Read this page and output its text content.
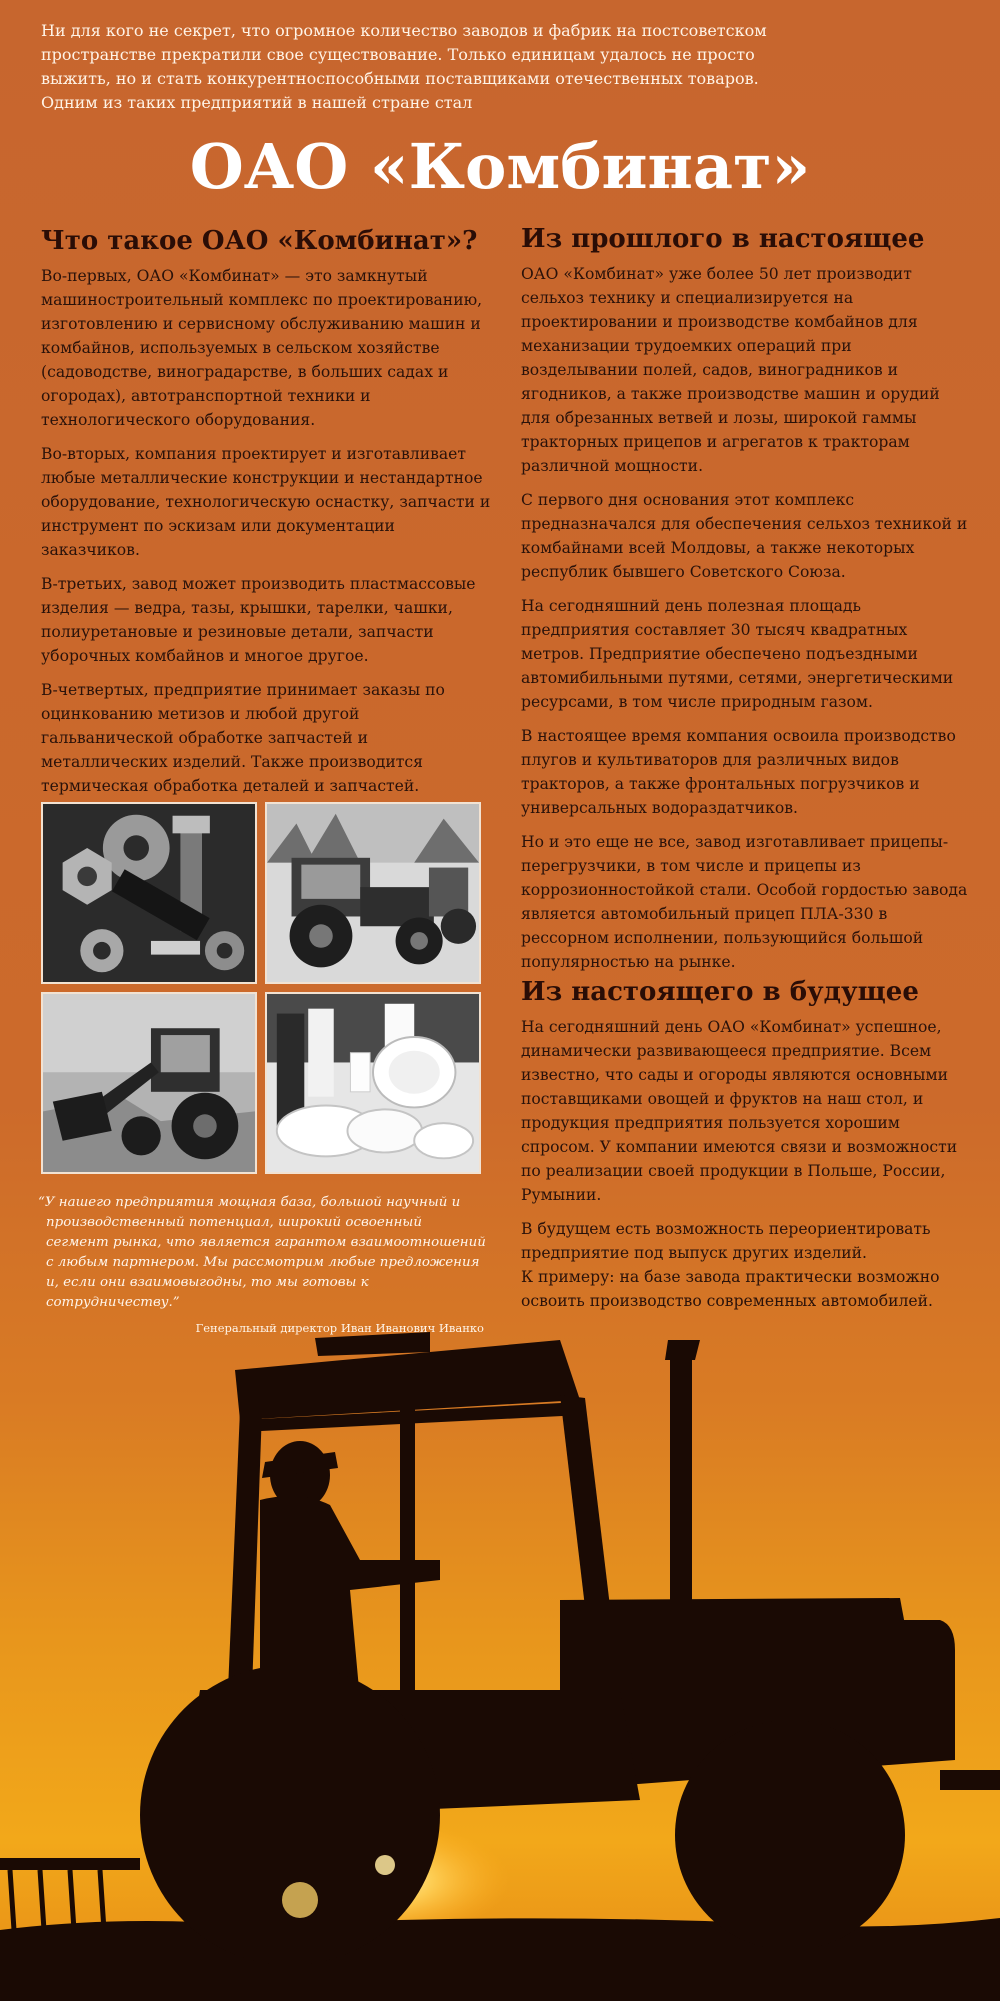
Ни для кого не секрет, что огромное количество заводов и фабрик на постсоветском пространстве прекратили свое существование. Только единицам удалось не просто выжить, но и стать конкурентноспособными поставщиками отечественных товаров. Одним из таких предприятий в нашей стране стал

ОАО «Комбинат»
Что такое ОАО «Комбинат»?

Во-первых, ОАО «Комбинат» — это замкнутый машиностроительный комплекс по проектированию, изготовлению и сервисному обслуживанию машин и комбайнов, используемых в сельском хозяйстве (садоводстве, виноградарстве, в больших садах и огородах), автотранспортной техники и технологического оборудования.

Во-вторых, компания проектирует и изготавливает любые металлические конструкции и нестандартное оборудование, технологическую оснастку, запчасти и инструмент по эскизам или документации заказчиков.

В-третьих, завод может производить пластмассовые изделия — ведра, тазы, крышки, тарелки, чашки, полиуретановые и резиновые детали, запчасти уборочных комбайнов и многое другое.

В-четвертых, предприятие принимает заказы по оцинкованию метизов и любой другой гальванической обработке запчастей и металлических изделий. Также производится термическая обработка деталей и запчастей.

Из прошлого в настоящее

ОАО «Комбинат» уже более 50 лет производит сельхоз технику и специализируется на проектировании и производстве комбайнов для механизации трудоемких операций при возделывании полей, садов, виноградников и ягодников, а также производстве машин и орудий для обрезанных ветвей и лозы, широкой гаммы тракторных прицепов и агрегатов к тракторам различной мощности.

С первого дня основания этот комплекс предназначался для обеспечения сельхоз техникой и комбайнами всей Молдовы, а также некоторых республик бывшего Советского Союза.

На сегодняшний день полезная площадь предприятия составляет 30 тысяч квадратных метров. Предприятие обеспечено подъездными автомибильными путями, сетями, энергетическими ресурсами, в том числе природным газом.

В настоящее время компания освоила производство плугов и культиваторов для различных видов тракторов, а также фронтальных погрузчиков и универсальных водораздатчиков.

Но и это еще не все, завод изготавливает прицепы-перегрузчики, в том числе и прицепы из коррозионностойкой стали. Особой гордостью завода является автомобильный прицеп ПЛА-330 в рессорном исполнении, пользующийся большой популярностью на рынке.

“У нашего предприятия мощная база, большой научный и производственный потенциал, широкий освоенный сегмент рынка, что является гарантом взаимоотношений с любым партнером. Мы рассмотрим любые предложения и, если они взаимовыгодны, то мы готовы к сотрудничеству.”

Генеральный директор Иван Иванович Иванко

Из настоящего в будущее

На сегодняшний день ОАО «Комбинат» успешное, динамически развивающееся предприятие. Всем известно, что сады и огороды являются основными поставщиками овощей и фруктов на наш стол, и продукция предприятия пользуется хорошим спросом. У компании имеются связи и возможности по реализации своей продукции в Польше, России, Румынии.

В будущем есть возможность переориентировать предприятие под выпуск других изделий.

К примеру: на базе завода практически возможно освоить производство современных автомобилей.
